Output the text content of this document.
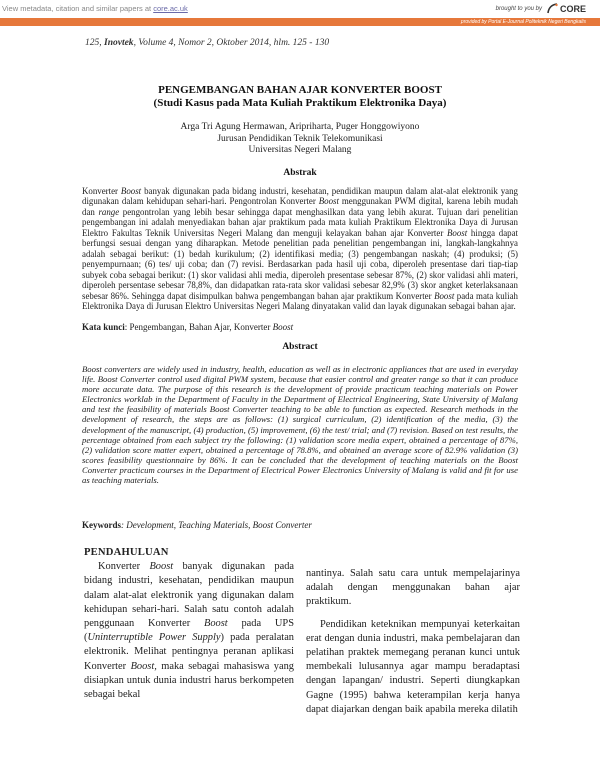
View metadata, citation and similar papers at core.ac.uk	brought to you by CORE
provided by Portal E-Journal Politeknik Negeri Bengkalis
125, Inovtek, Volume 4, Nomor 2, Oktober 2014, hlm. 125 - 130
PENGEMBANGAN BAHAN AJAR KONVERTER BOOST
(Studi Kasus pada Mata Kuliah Praktikum Elektronika Daya)
Arga Tri Agung Hermawan, Aripriharta, Puger Honggowiyono
Jurusan Pendidikan Teknik Telekomunikasi
Universitas Negeri Malang
Abstrak

Konverter Boost banyak digunakan pada bidang industri, kesehatan, pendidikan maupun dalam alat-alat elektronik yang digunakan dalam kehidupan sehari-hari. Pengontrolan Konverter Boost menggunakan PWM digital, karena lebih mudah dan range pengontrolan yang lebih besar sehingga dapat menghasilkan data yang lebih akurat. Tujuan dari penelitian pengembangan ini adalah menyediakan bahan ajar praktikum pada mata kuliah Praktikum Elektronika Daya di Jurusan Elektro Fakultas Teknik Universitas Negeri Malang dan menguji kelayakan bahan ajar Konverter Boost hingga dapat berfungsi sesuai dengan yang diharapkan. Metode penelitian pada penelitian pengembangan ini, langkah-langkahnya adalah sebagai berikut: (1) bedah kurikulum; (2) identifikasi media; (3) pengembangan naskah; (4) produksi; (5) penyempurnaan; (6) tes/ uji coba; dan (7) revisi. Berdasarkan pada hasil uji coba, diperoleh presentase dari tiap-tiap subyek coba sebagai berikut: (1) skor validasi ahli media, diperoleh presentase sebesar 87%, (2) skor validasi ahli materi, diperoleh persentase sebesar 78,8%, dan didapatkan rata-rata skor validasi sebesar 82,9% (3) skor angket keterlaksanaan sebesar 86%. Sehingga dapat disimpulkan bahwa pengembangan bahan ajar praktikum Konverter Boost pada mata kuliah Elektronika Daya di Jurusan Elektro Universitas Negeri Malang dinyatakan valid dan layak digunakan sebagai bahan ajar.

Kata kunci: Pengembangan, Bahan Ajar, Konverter Boost
Abstract
Boost converters are widely used in industry, health, education as well as in electronic appliances that are used in everyday life. Boost Converter control used digital PWM system, because that easier control and greater range so that it can produce more accurate data. The purpose of this research is the development of provide practicum teaching materials on Power Electronics worklab in the Department of Faculty in the Department of Electrical Engineering, State University of Malang and test the feasibility of materials Boost Converter teaching to be able to function as expected. Research methods in the development of research, the steps are as follows: (1) surgical curriculum, (2) identification of the media, (3) the development of the manuscript, (4) production, (5) improvement, (6) the test/ trial; and (7) revision. Based on test results, the percentage obtained from each subject try the following: (1) validation score media expert, obtained a percentage of 87%, (2) validation score matter expert, obtained a percentage of 78.8%, and obtained an average score of 82.9% validation (3) scores feasibility questionnaire by 86%. It can be concluded that the development of teaching materials on the Boost Converter practicum courses in the Department of Electrical Power Electronics University of Malang is valid and fit for use as teaching materials.
Keywords: Development, Teaching Materials, Boost Converter
PENDAHULUAN

Konverter Boost banyak digunakan pada bidang industri, kesehatan, pendidikan maupun dalam alat-alat elektronik yang digunakan dalam kehidupan sehari-hari. Salah satu contoh adalah penggunaan Konverter Boost pada UPS (Uninterruptible Power Supply) pada peralatan elektronik. Melihat pentingnya peranan aplikasi Konverter Boost, maka sebagai mahasiswa yang disiapkan untuk dunia industri harus berkompeten sebagai bekal

nantinya. Salah satu cara untuk mempelajarinya adalah dengan menggunakan bahan ajar praktikum.

Pendidikan keteknikan mempunyai keterkaitan erat dengan dunia industri, maka pembelajaran dan pelatihan praktek memegang peranan kunci untuk membekali lulusannya agar mampu beradaptasi dengan lapangan/ industri. Seperti diungkapkan Gagne (1995) bahwa keterampilan kerja hanya dapat diajarkan dengan baik apabila mereka dilatih
